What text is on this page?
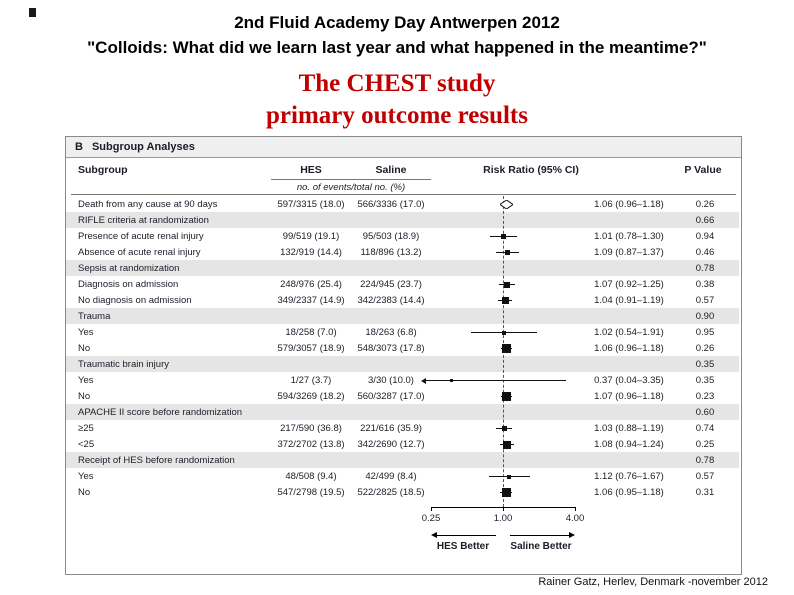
2nd Fluid Academy Day Antwerpen 2012
"Colloids: What did we learn last year and what happened in the meantime?"
The CHEST study
primary outcome results
B Subgroup Analyses
Subgroup	HES	Saline	Risk Ratio (95% CI)	P Value
no. of events/total no. (%)
Death from any cause at 90 days	597/3315 (18.0)	566/3336 (17.0)	1.06 (0.96–1.18)	0.26
RIFLE criteria at randomization	0.66
Presence of acute renal injury	99/519 (19.1)	95/503 (18.9)	1.01 (0.78–1.30)	0.94
Absence of acute renal injury	132/919 (14.4)	118/896 (13.2)	1.09 (0.87–1.37)	0.46
Sepsis at randomization	0.78
Diagnosis on admission	248/976 (25.4)	224/945 (23.7)	1.07 (0.92–1.25)	0.38
No diagnosis on admission	349/2337 (14.9)	342/2383 (14.4)	1.04 (0.91–1.19)	0.57
Trauma	0.90
Yes	18/258 (7.0)	18/263 (6.8)	1.02 (0.54–1.91)	0.95
No	579/3057 (18.9)	548/3073 (17.8)	1.06 (0.96–1.18)	0.26
Traumatic brain injury	0.35
Yes	1/27 (3.7)	3/30 (10.0)	0.37 (0.04–3.35)	0.35
No	594/3269 (18.2)	560/3287 (17.0)	1.07 (0.96–1.18)	0.23
APACHE II score before randomization	0.60
≥25	217/590 (36.8)	221/616 (35.9)	1.03 (0.88–1.19)	0.74
<25	372/2702 (13.8)	342/2690 (12.7)	1.08 (0.94–1.24)	0.25
Receipt of HES before randomization	0.78
Yes	48/508 (9.4)	42/499 (8.4)	1.12 (0.76–1.67)	0.57
No	547/2798 (19.5)	522/2825 (18.5)	1.06 (0.95–1.18)	0.31
HES Better	Saline Better
0.25	1.00	4.00
Rainer Gatz, Herlev, Denmark -november 2012
